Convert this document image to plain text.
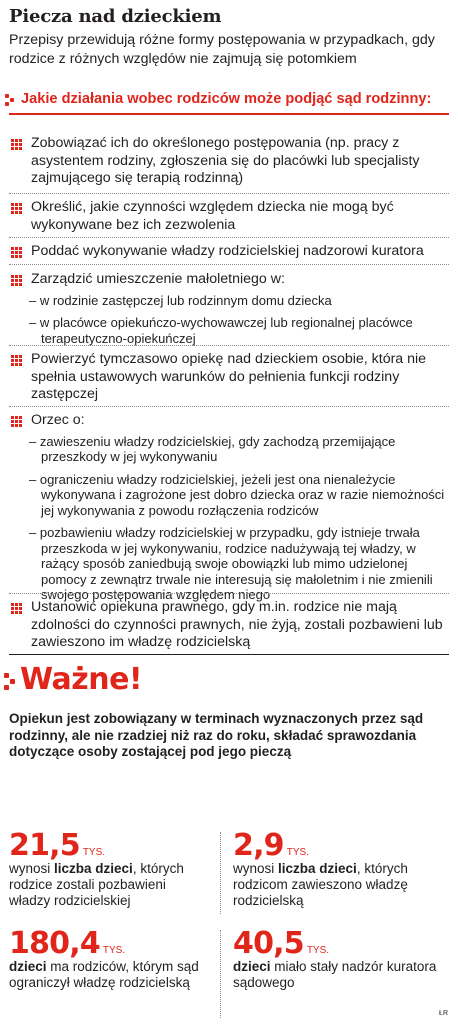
Piecza nad dzieckiem
Przepisy przewidują różne formy postępowania w przypadkach, gdy rodzice z różnych względów nie zajmują się potomkiem
Jakie działania wobec rodziców może podjąć sąd rodzinny:
Zobowiązać ich do określonego postępowania (np. pracy z asystentem rodziny, zgłoszenia się do placówki lub specjalisty zajmującego się terapią rodzinną)
Określić, jakie czynności względem dziecka nie mogą być wykonywane bez ich zezwolenia
Poddać wykonywanie władzy rodzicielskiej nadzorowi kuratora
Zarządzić umieszczenie małoletniego w:
– w rodzinie zastępczej lub rodzinnym domu dziecka
– w placówce opiekuńczo-wychowawczej lub regionalnej placówce terapeutyczno-opiekuńczej
Powierzyć tymczasowo opiekę nad dzieckiem osobie, która nie spełnia ustawowych warunków do pełnienia funkcji rodziny zastępczej
Orzec o:
– zawieszeniu władzy rodzicielskiej, gdy zachodzą przemijające przeszkody w jej wykonywaniu
– ograniczeniu władzy rodzicielskiej, jeżeli jest ona nienależycie wykonywana i zagrożone jest dobro dziecka oraz w razie niemożności jej wykonywania z powodu rozłączenia rodziców
– pozbawieniu władzy rodzicielskiej w przypadku, gdy istnieje trwała przeszkoda w jej wykonywaniu, rodzice nadużywają tej władzy, w rażący sposób zaniedbują swoje obowiązki lub mimo udzielonej pomocy z zewnątrz trwale nie interesują się małoletnim i nie zmienili swojego postępowania względem niego
Ustanowić opiekuna prawnego, gdy m.in. rodzice nie mają zdolności do czynności prawnych, nie żyją, zostali pozbawieni lub zawieszono im władzę rodzicielską
Ważne!
Opiekun jest zobowiązany w terminach wyznaczonych przez sąd rodzinny, ale nie rzadziej niż raz do roku, składać sprawozdania dotyczące osoby zostającej pod jego pieczą
21,5 TYS.
wynosi liczba dzieci, których rodzice zostali pozbawieni władzy rodzicielskiej
2,9 TYS.
wynosi liczba dzieci, których rodzicom zawieszono władzę rodzicielską
180,4 TYS.
dzieci ma rodziców, którym sąd ograniczył władzę rodzicielską
40,5 TYS.
dzieci miało stały nadzór kuratora sądowego
ŁR
